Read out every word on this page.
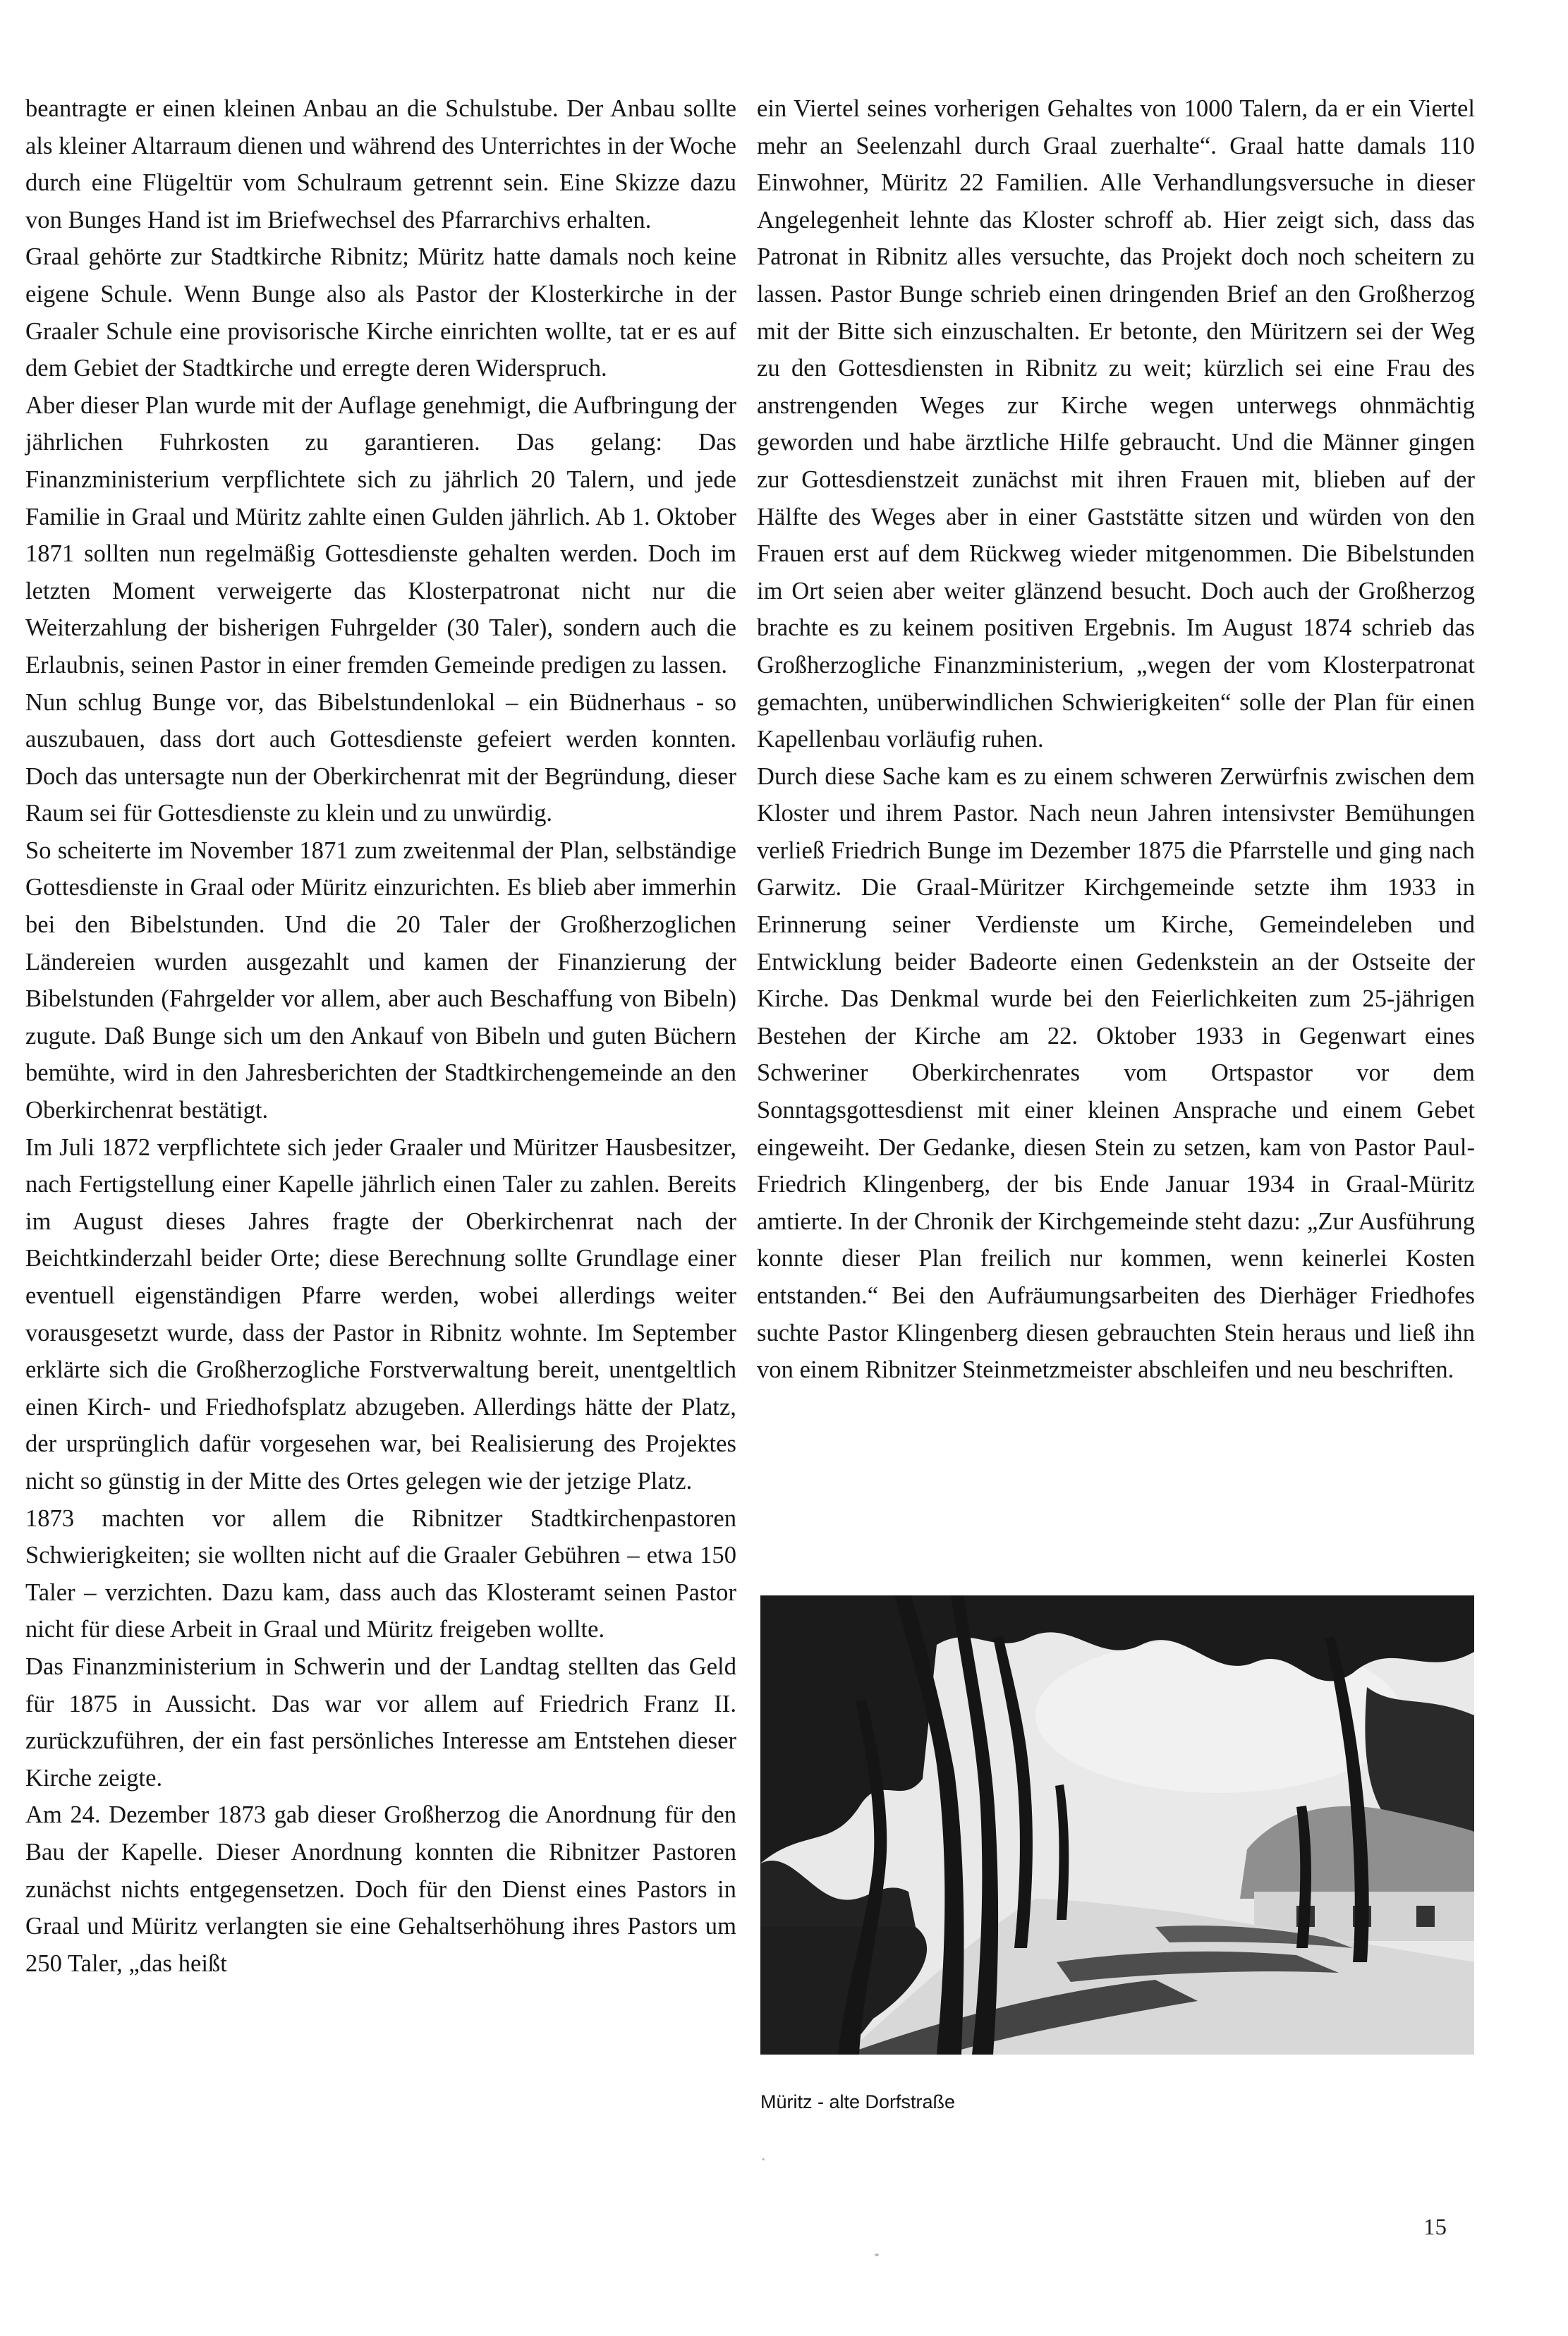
beantragte er einen kleinen Anbau an die Schulstube. Der Anbau sollte als kleiner Altarraum dienen und während des Unterrichtes in der Woche durch eine Flügeltür vom Schulraum getrennt sein. Eine Skizze dazu von Bunges Hand ist im Briefwechsel des Pfarrarchivs erhalten.

Graal gehörte zur Stadtkirche Ribnitz; Müritz hatte damals noch keine eigene Schule. Wenn Bunge also als Pastor der Klosterkirche in der Graaler Schule eine provisorische Kirche einrichten wollte, tat er es auf dem Gebiet der Stadtkirche und erregte deren Widerspruch.

Aber dieser Plan wurde mit der Auflage genehmigt, die Aufbringung der jährlichen Fuhrkosten zu garantieren. Das gelang: Das Finanzministerium verpflichtete sich zu jährlich 20 Talern, und jede Familie in Graal und Müritz zahlte einen Gulden jährlich. Ab 1. Oktober 1871 sollten nun regelmäßig Gottesdienste gehalten werden. Doch im letzten Moment verweigerte das Klosterpatronat nicht nur die Weiterzahlung der bisherigen Fuhrgelder (30 Taler), sondern auch die Erlaubnis, seinen Pastor in einer fremden Gemeinde predigen zu lassen.

Nun schlug Bunge vor, das Bibelstundenlokal – ein Büdnerhaus - so auszubauen, dass dort auch Gottesdienste gefeiert werden konnten. Doch das untersagte nun der Oberkirchenrat mit der Begründung, dieser Raum sei für Gottesdienste zu klein und zu unwürdig.

So scheiterte im November 1871 zum zweitenmal der Plan, selbständige Gottesdienste in Graal oder Müritz einzurichten. Es blieb aber immerhin bei den Bibelstunden. Und die 20 Taler der Großherzoglichen Ländereien wurden ausgezahlt und kamen der Finanzierung der Bibelstunden (Fahrgelder vor allem, aber auch Beschaffung von Bibeln) zugute. Daß Bunge sich um den Ankauf von Bibeln und guten Büchern bemühte, wird in den Jahresberichten der Stadtkirchengemeinde an den Oberkirchenrat bestätigt.

Im Juli 1872 verpflichtete sich jeder Graaler und Müritzer Hausbesitzer, nach Fertigstellung einer Kapelle jährlich einen Taler zu zahlen. Bereits im August dieses Jahres fragte der Oberkirchenrat nach der Beichtkinderzahl beider Orte; diese Berechnung sollte Grundlage einer eventuell eigenständigen Pfarre werden, wobei allerdings weiter vorausgesetzt wurde, dass der Pastor in Ribnitz wohnte. Im September erklärte sich die Großherzogliche Forstverwaltung bereit, unentgeltlich einen Kirch- und Friedhofsplatz abzugeben. Allerdings hätte der Platz, der ursprünglich dafür vorgesehen war, bei Realisierung des Projektes nicht so günstig in der Mitte des Ortes gelegen wie der jetzige Platz.

1873 machten vor allem die Ribnitzer Stadtkirchenpastoren Schwierigkeiten; sie wollten nicht auf die Graaler Gebühren – etwa 150 Taler – verzichten. Dazu kam, dass auch das Klosteramt seinen Pastor nicht für diese Arbeit in Graal und Müritz freigeben wollte.

Das Finanzministerium in Schwerin und der Landtag stellten das Geld für 1875 in Aussicht. Das war vor allem auf Friedrich Franz II. zurückzuführen, der ein fast persönliches Interesse am Entstehen dieser Kirche zeigte.

Am 24. Dezember 1873 gab dieser Großherzog die Anordnung für den Bau der Kapelle. Dieser Anordnung konnten die Ribnitzer Pastoren zunächst nichts entgegensetzen. Doch für den Dienst eines Pastors in Graal und Müritz verlangten sie eine Gehaltserhöhung ihres Pastors um 250 Taler, „das heißt

ein Viertel seines vorherigen Gehaltes von 1000 Talern, da er ein Viertel mehr an Seelenzahl durch Graal zuerhalte“. Graal hatte damals 110 Einwohner, Müritz 22 Familien. Alle Verhandlungsversuche in dieser Angelegenheit lehnte das Kloster schroff ab. Hier zeigt sich, dass das Patronat in Ribnitz alles versuchte, das Projekt doch noch scheitern zu lassen. Pastor Bunge schrieb einen dringenden Brief an den Großherzog mit der Bitte sich einzuschalten. Er betonte, den Müritzern sei der Weg zu den Gottesdiensten in Ribnitz zu weit; kürzlich sei eine Frau des anstrengenden Weges zur Kirche wegen unterwegs ohnmächtig geworden und habe ärztliche Hilfe gebraucht. Und die Männer gingen zur Gottesdienstzeit zunächst mit ihren Frauen mit, blieben auf der Hälfte des Weges aber in einer Gaststätte sitzen und würden von den Frauen erst auf dem Rückweg wieder mitgenommen. Die Bibelstunden im Ort seien aber weiter glänzend besucht. Doch auch der Großherzog brachte es zu keinem positiven Ergebnis. Im August 1874 schrieb das Großherzogliche Finanzministerium, „wegen der vom Klosterpatronat gemachten, unüberwindlichen Schwierigkeiten“ solle der Plan für einen Kapellenbau vorläufig ruhen.

Durch diese Sache kam es zu einem schweren Zerwürfnis zwischen dem Kloster und ihrem Pastor. Nach neun Jahren intensivster Bemühungen verließ Friedrich Bunge im Dezember 1875 die Pfarrstelle und ging nach Garwitz. Die Graal-Müritzer Kirchgemeinde setzte ihm 1933 in Erinnerung seiner Verdienste um Kirche, Gemeindeleben und Entwicklung beider Badeorte einen Gedenkstein an der Ostseite der Kirche. Das Denkmal wurde bei den Feierlichkeiten zum 25-jährigen Bestehen der Kirche am 22. Oktober 1933 in Gegenwart eines Schweriner Oberkirchenrates vom Ortspastor vor dem Sonntagsgottesdienst mit einer kleinen Ansprache und einem Gebet eingeweiht. Der Gedanke, diesen Stein zu setzen, kam von Pastor Paul-Friedrich Klingenberg, der bis Ende Januar 1934 in Graal-Müritz amtierte. In der Chronik der Kirchgemeinde steht dazu: „Zur Ausführung konnte dieser Plan freilich nur kommen, wenn keinerlei Kosten entstanden.“ Bei den Aufräumungsarbeiten des Dierhäger Friedhofes suchte Pastor Klingenberg diesen gebrauchten Stein heraus und ließ ihn von einem Ribnitzer Steinmetzmeister abschleifen und neu beschriften.

Müritz - alte Dorfstraße
15
